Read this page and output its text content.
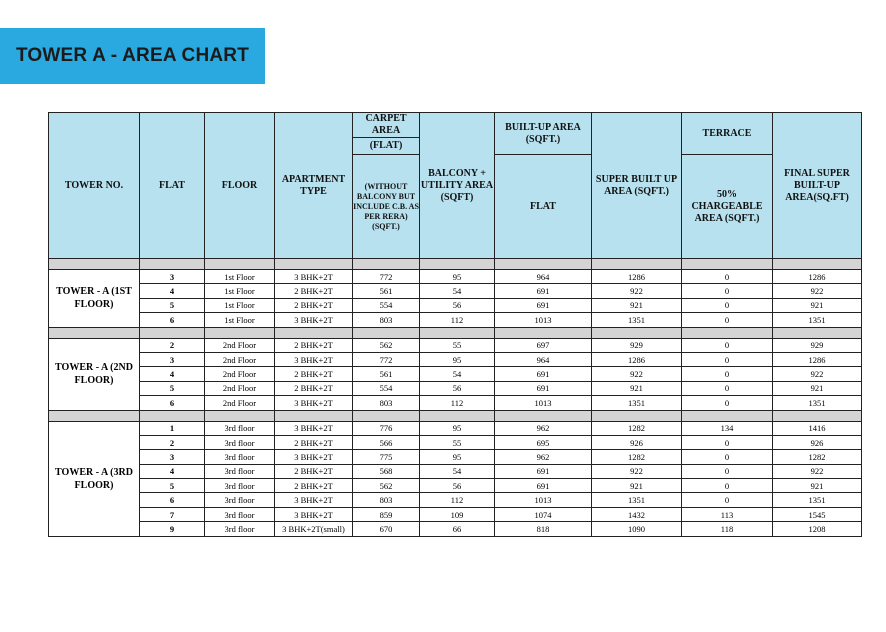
TOWER A - AREA CHART
TOWER NO.	FLAT	FLOOR	APARTMENT TYPE	CARPET AREA	BALCONY + UTILITY AREA (SQFT)	BUILT-UP AREA (SQFT.)	SUPER BUILT UP AREA (SQFT.)	TERRACE	FINAL SUPER BUILT-UP AREA(SQ.FT)
				(FLAT)					
				(WITHOUT BALCONY BUT INCLUDE C.B. AS PER RERA) (SQFT.)		FLAT		50% CHARGEABLE AREA (SQFT.)	

TOWER - A (1ST FLOOR)	3	1st Floor	3 BHK+2T	772	95	964	1286	0	1286
	4	1st Floor	2 BHK+2T	561	54	691	922	0	922
	5	1st Floor	2 BHK+2T	554	56	691	921	0	921
	6	1st Floor	3 BHK+2T	803	112	1013	1351	0	1351

TOWER - A (2ND FLOOR)	2	2nd Floor	2 BHK+2T	562	55	697	929	0	929
	3	2nd Floor	3 BHK+2T	772	95	964	1286	0	1286
	4	2nd Floor	2 BHK+2T	561	54	691	922	0	922
	5	2nd Floor	2 BHK+2T	554	56	691	921	0	921
	6	2nd Floor	3 BHK+2T	803	112	1013	1351	0	1351

TOWER - A (3RD FLOOR)	1	3rd floor	3 BHK+2T	776	95	962	1282	134	1416
	2	3rd floor	2 BHK+2T	566	55	695	926	0	926
	3	3rd floor	3 BHK+2T	775	95	962	1282	0	1282
	4	3rd floor	2 BHK+2T	568	54	691	922	0	922
	5	3rd floor	2 BHK+2T	562	56	691	921	0	921
	6	3rd floor	3 BHK+2T	803	112	1013	1351	0	1351
	7	3rd floor	3 BHK+2T	859	109	1074	1432	113	1545
	9	3rd floor	3 BHK+2T(small)	670	66	818	1090	118	1208
